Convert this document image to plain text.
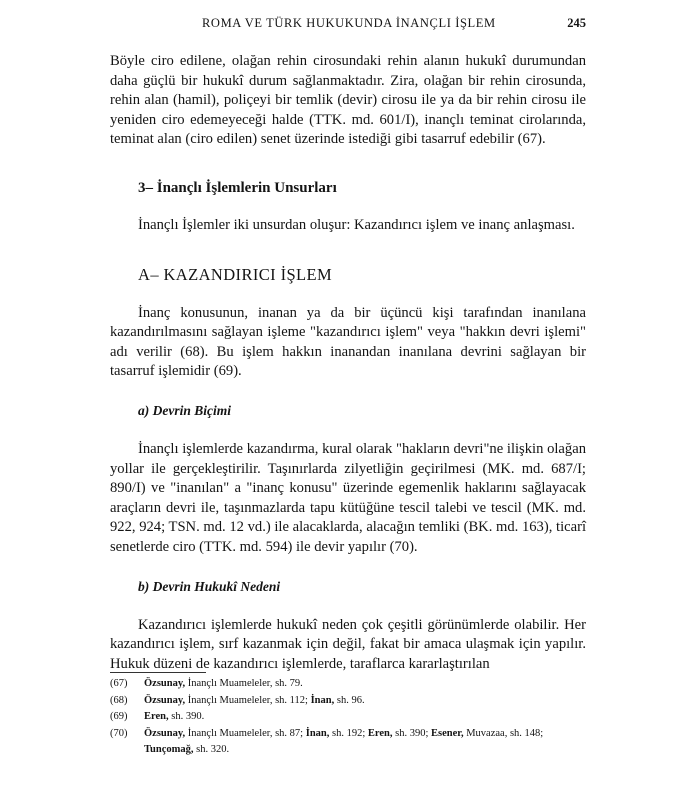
ROMA VE TÜRK HUKUKUNDA İNANÇLI İŞLEM	245

Böyle ciro edilene, olağan rehin cirosundaki rehin alanın hukukî durumundan daha güçlü bir hukukî durum sağlanmaktadır. Zira, olağan bir rehin cirosunda, rehin alan (hamil), poliçeyi bir temlik (devir) cirosu ile ya da bir rehin cirosu ile yeniden ciro edemeyeceği halde (TTK. md. 601/I), inançlı teminat cirolarında, teminat alan (ciro edilen) senet üzerinde istediği gibi tasarruf edebilir (67).

3– İnançlı İşlemlerin Unsurları

İnançlı İşlemler iki unsurdan oluşur: Kazandırıcı işlem ve inanç anlaşması.

A– KAZANDIRICI İŞLEM

İnanç konusunun, inanan ya da bir üçüncü kişi tarafından inanılana kazandırılmasını sağlayan işleme "kazandırıcı işlem" veya "hakkın devri işlemi" adı verilir (68). Bu işlem hakkın inanandan inanılana devrini sağlayan bir tasarruf işlemidir (69).

a) Devrin Biçimi

İnançlı işlemlerde kazandırma, kural olarak "hakların devri"ne ilişkin olağan yollar ile gerçekleştirilir. Taşınırlarda zilyetliğin geçirilmesi (MK. md. 687/I; 890/I) ve "inanılan" a "inanç konusu" üzerinde egemenlik haklarını sağlayacak araçların devri ile, taşınmazlarda tapu kütüğüne tescil talebi ve tescil (MK. md. 922, 924; TSN. md. 12 vd.) ile alacaklarda, alacağın temliki (BK. md. 163), ticarî senetlerde ciro (TTK. md. 594) ile devir yapılır (70).

b) Devrin Hukukî Nedeni

Kazandırıcı işlemlerde hukukî neden çok çeşitli görünümlerde olabilir. Her kazandırıcı işlem, sırf kazanmak için değil, fakat bir amaca ulaşmak için yapılır. Hukuk düzeni de kazandırıcı işlemlerde, taraflarca kararlaştırılan

(67)	Özsunay, İnançlı Muameleler, sh. 79.
(68)	Özsunay, İnançlı Muameleler, sh. 112; İnan, sh. 96.
(69)	Eren, sh. 390.
(70)	Özsunay, İnançlı Muameleler, sh. 87; İnan, sh. 192; Eren, sh. 390; Esener, Muvazaa, sh. 148; Tunçomağ, sh. 320.
